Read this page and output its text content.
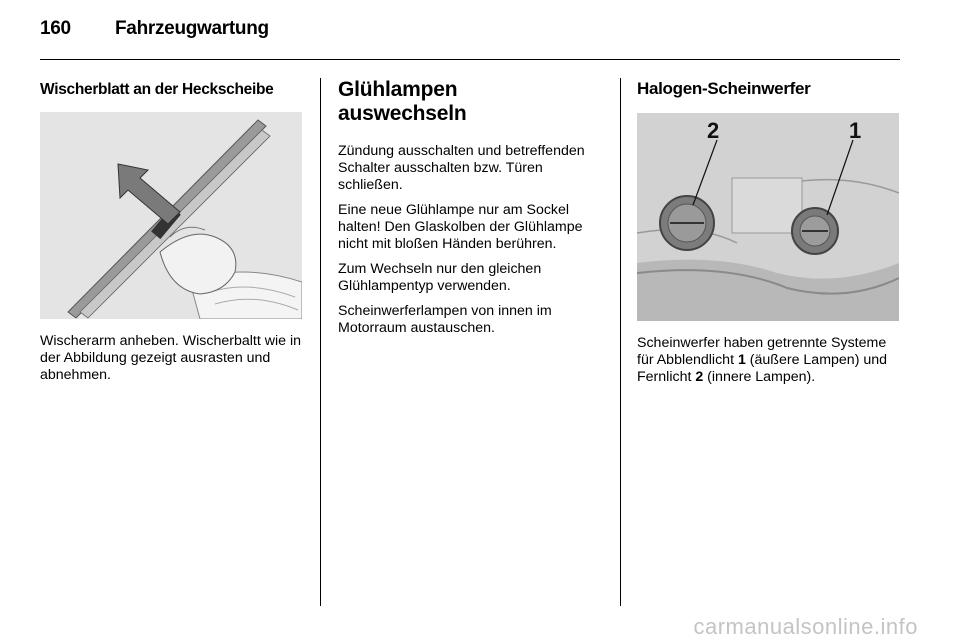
160 Fahrzeugwartung
Wischerblatt an der Heckscheibe

Wischerarm anheben. Wischerbaltt wie in der Abbildung gezeigt ausrasten und abnehmen.

Glühlampen
auswechseln

Zündung ausschalten und betreffenden Schalter ausschalten bzw. Türen schließen.

Eine neue Glühlampe nur am Sockel halten! Den Glaskolben der Glühlampe nicht mit bloßen Händen berühren.

Zum Wechseln nur den gleichen Glühlampentyp verwenden.

Scheinwerferlampen von innen im Motorraum austauschen.

Halogen-Scheinwerfer
2	1

Scheinwerfer haben getrennte Systeme für Abblendlicht 1 (äußere Lampen) und Fernlicht 2 (innere Lampen).

carmanualsonline.info
